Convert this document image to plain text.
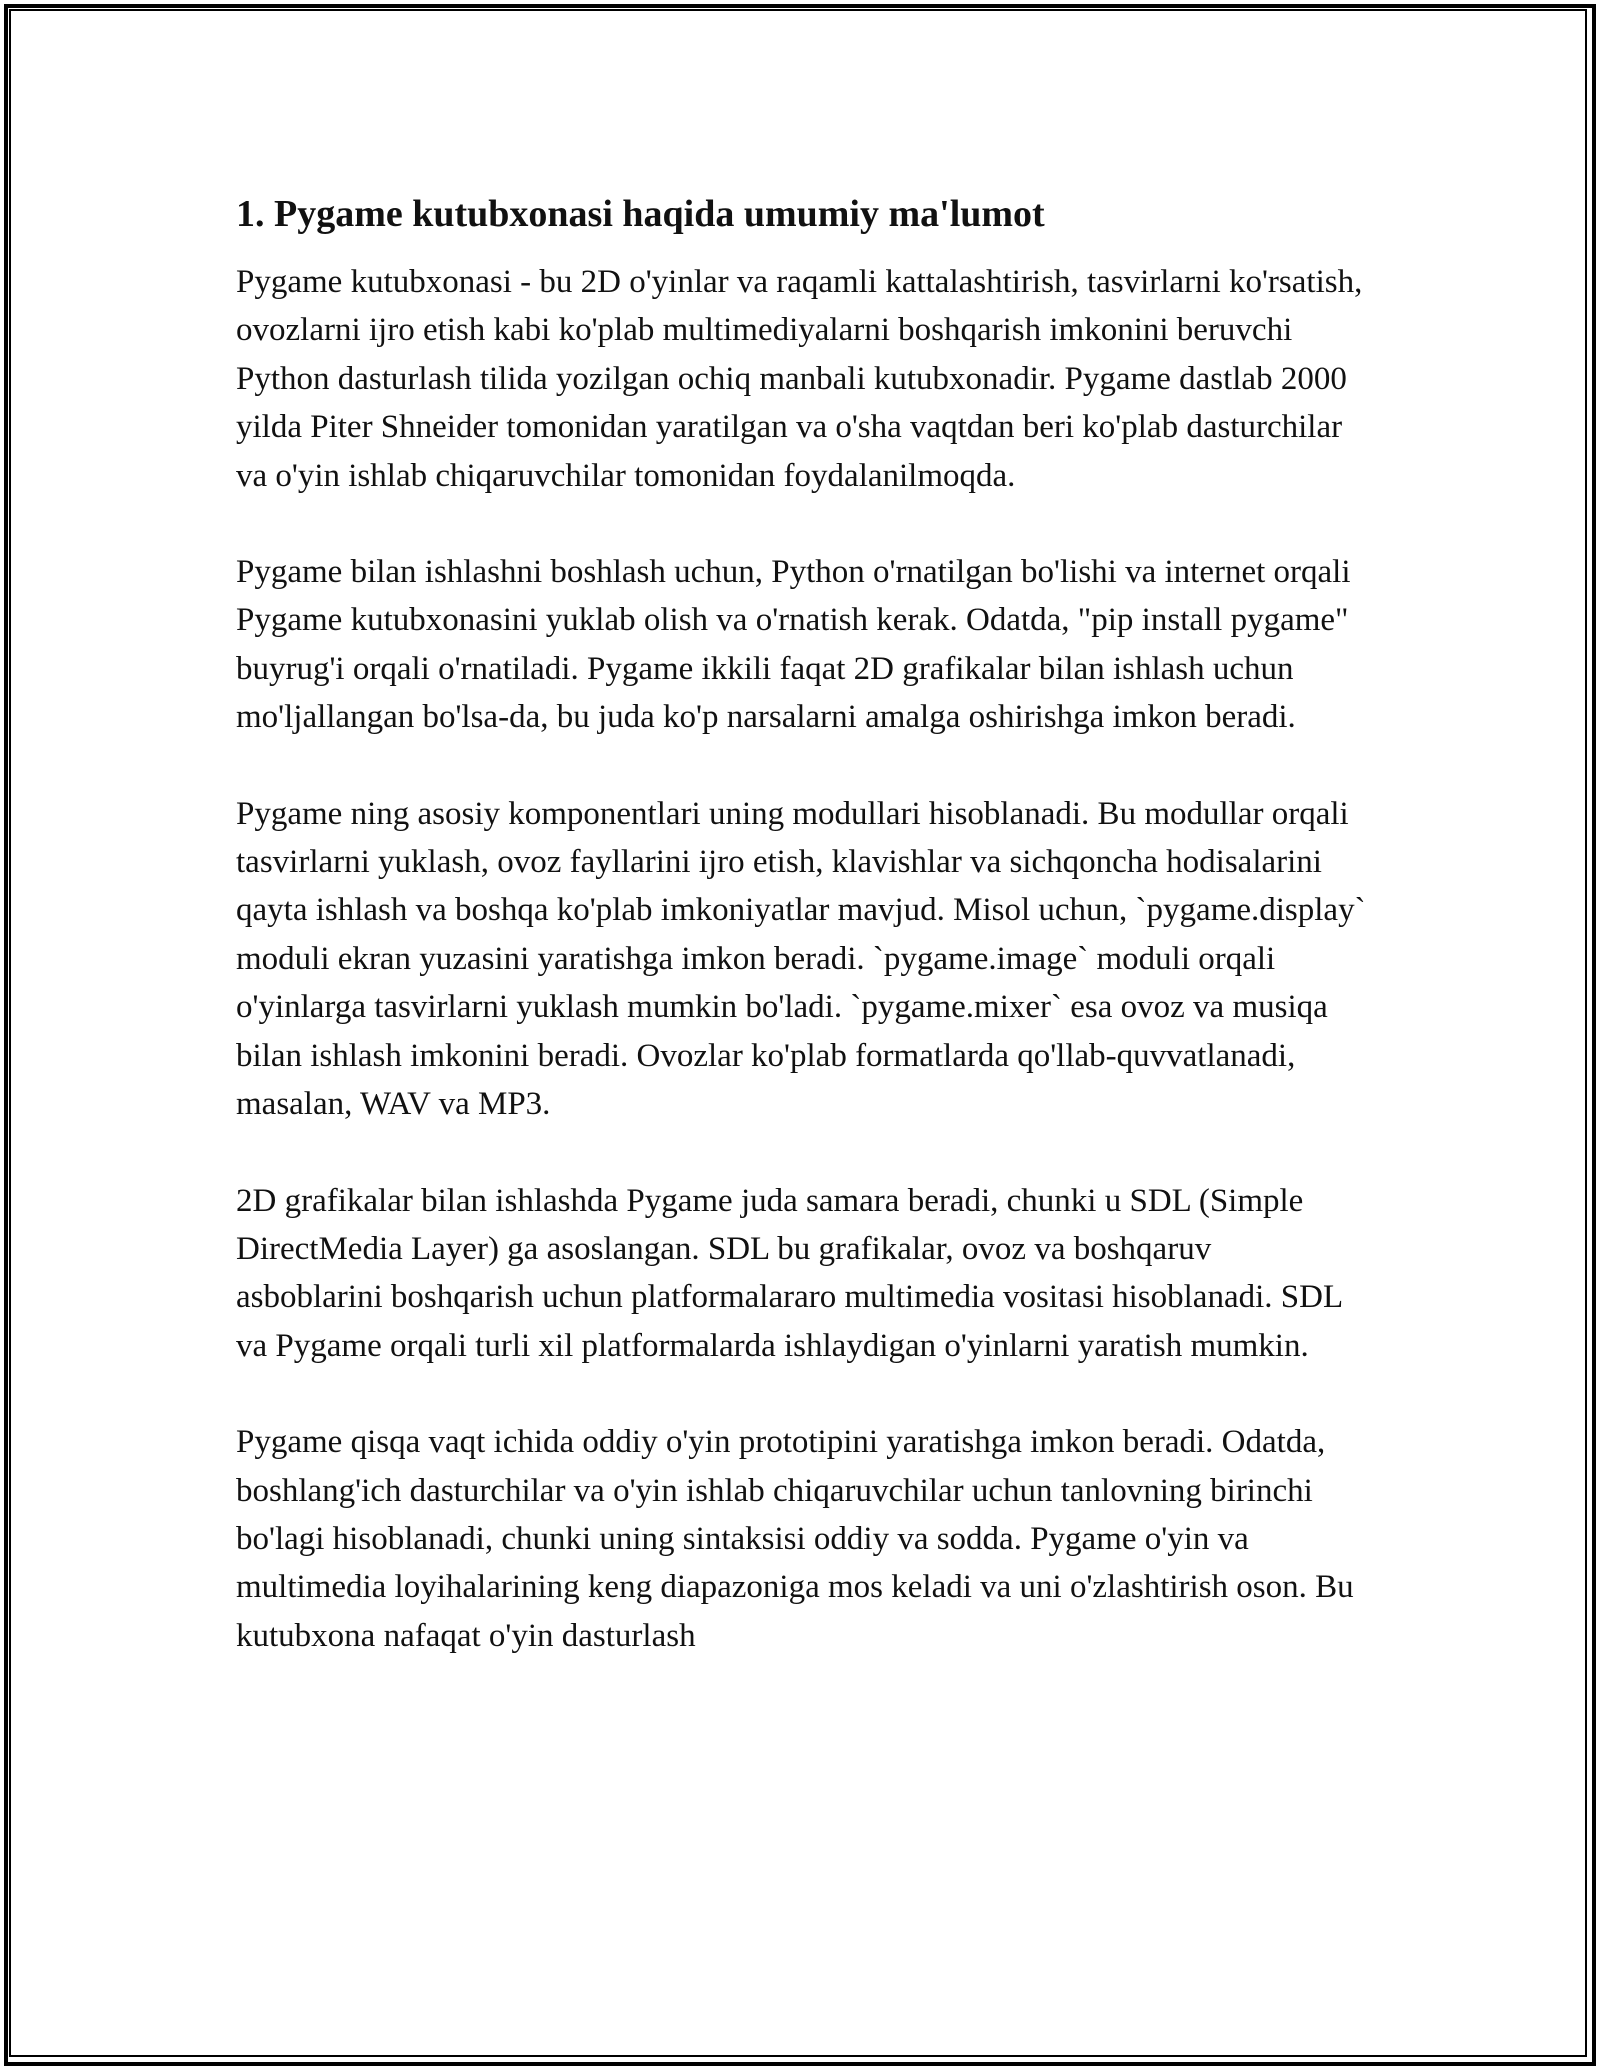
1. Pygame kutubxonasi haqida umumiy ma'lumot

Pygame kutubxonasi - bu 2D o'yinlar va raqamli kattalashtirish, tasvirlarni ko'rsatish, ovozlarni ijro etish kabi ko'plab multimediyalarni boshqarish imkonini beruvchi Python dasturlash tilida yozilgan ochiq manbali kutubxonadir. Pygame dastlab 2000 yilda Piter Shneider tomonidan yaratilgan va o'sha vaqtdan beri ko'plab dasturchilar va o'yin ishlab chiqaruvchilar tomonidan foydalanilmoqda.

Pygame bilan ishlashni boshlash uchun, Python o'rnatilgan bo'lishi va internet orqali Pygame kutubxonasini yuklab olish va o'rnatish kerak. Odatda, "pip install pygame" buyrug'i orqali o'rnatiladi. Pygame ikkili faqat 2D grafikalar bilan ishlash uchun mo'ljallangan bo'lsa-da, bu juda ko'p narsalarni amalga oshirishga imkon beradi.

Pygame ning asosiy komponentlari uning modullari hisoblanadi. Bu modullar orqali tasvirlarni yuklash, ovoz fayllarini ijro etish, klavishlar va sichqoncha hodisalarini qayta ishlash va boshqa ko'plab imkoniyatlar mavjud. Misol uchun, `pygame.display` moduli ekran yuzasini yaratishga imkon beradi. `pygame.image` moduli orqali o'yinlarga tasvirlarni yuklash mumkin bo'ladi. `pygame.mixer` esa ovoz va musiqa bilan ishlash imkonini beradi. Ovozlar ko'plab formatlarda qo'llab-quvvatlanadi, masalan, WAV va MP3.

2D grafikalar bilan ishlashda Pygame juda samara beradi, chunki u SDL (Simple DirectMedia Layer) ga asoslangan. SDL bu grafikalar, ovoz va boshqaruv asboblarini boshqarish uchun platformalararo multimedia vositasi hisoblanadi. SDL va Pygame orqali turli xil platformalarda ishlaydigan o'yinlarni yaratish mumkin.

Pygame qisqa vaqt ichida oddiy o'yin prototipini yaratishga imkon beradi. Odatda, boshlang'ich dasturchilar va o'yin ishlab chiqaruvchilar uchun tanlovning birinchi bo'lagi hisoblanadi, chunki uning sintaksisi oddiy va sodda. Pygame o'yin va multimedia loyihalarining keng diapazoniga mos keladi va uni o'zlashtirish oson. Bu kutubxona nafaqat o'yin dasturlash
